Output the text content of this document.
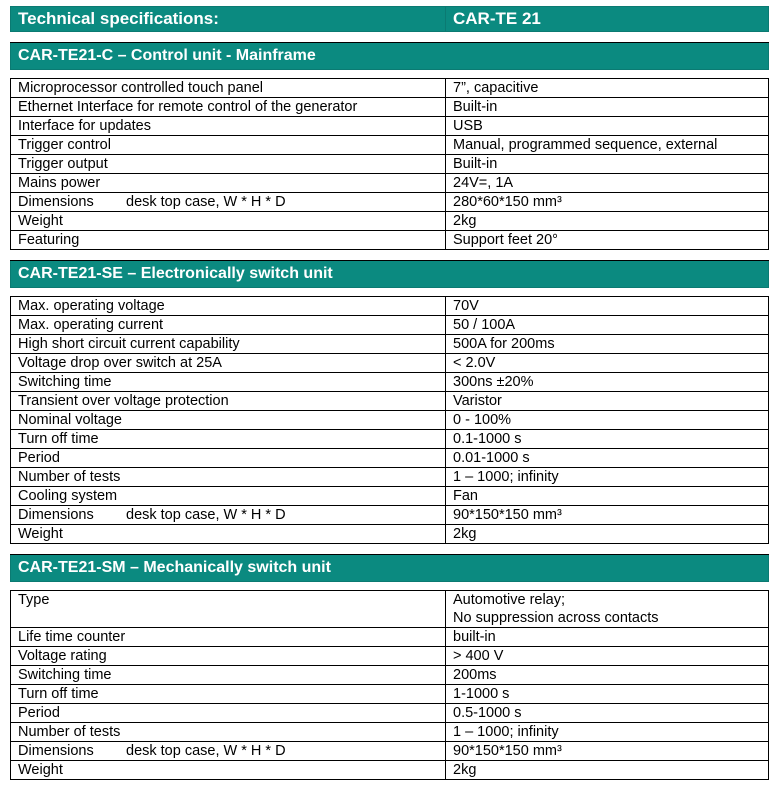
Technical specifications:	CAR-TE 21

CAR-TE21-C – Control unit - Mainframe	

Microprocessor controlled touch panel	7”, capacitive
Ethernet Interface for remote control of the generator	Built-in
Interface for updates	USB
Trigger control	Manual, programmed sequence, external
Trigger output	Built-in
Mains power	24V=, 1A
Dimensions desk top case, W * H * D	280*60*150 mm³
Weight	2kg
Featuring	Support feet 20°

CAR-TE21-SE – Electronically switch unit	

Max. operating voltage	70V
Max. operating current	50 / 100A
High short circuit current capability	500A for 200ms
Voltage drop over switch at 25A	< 2.0V
Switching time	300ns ±20%
Transient over voltage protection	Varistor
Nominal voltage	0 - 100%
Turn off time	0.1-1000 s
Period	0.01-1000 s
Number of tests	1 – 1000; infinity
Cooling system	Fan
Dimensions desk top case, W * H * D	90*150*150 mm³
Weight	2kg

CAR-TE21-SM – Mechanically switch unit	

Type	Automotive relay;
No suppression across contacts

Life time counter	built-in
Voltage rating	> 400 V
Switching time	200ms
Turn off time	1-1000 s
Period	0.5-1000 s
Number of tests	1 – 1000; infinity
Dimensions desk top case, W * H * D	90*150*150 mm³
Weight	2kg
